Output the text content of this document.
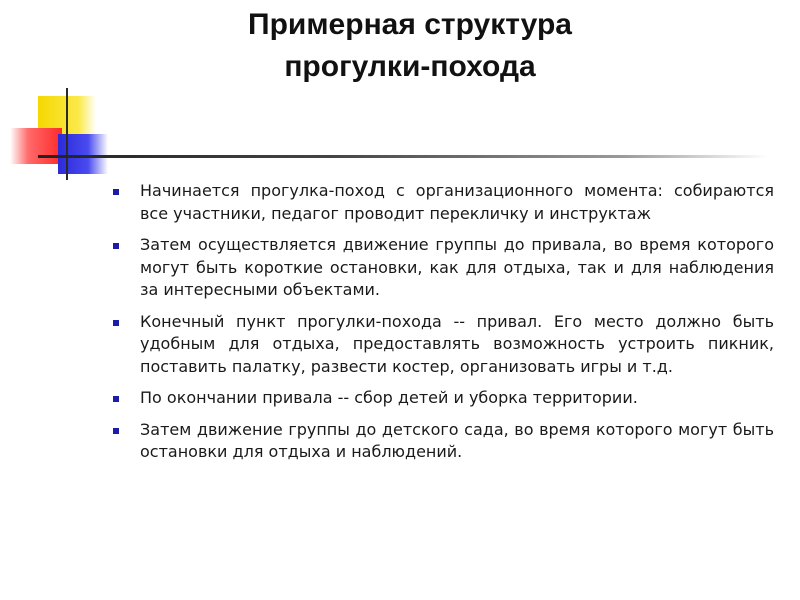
Примерная структура
прогулки-похода
Начинается прогулка-поход с организационного момента: собираются все участники, педагог проводит перекличку и инструктаж
Затем осуществляется движение группы до привала, во время которого могут быть короткие остановки, как для отдыха, так и для наблюдения за интересными объектами.
Конечный пункт прогулки-похода -- привал. Его место должно быть удобным для отдыха, предоставлять возможность устроить пикник, поставить палатку, развести костер, организовать игры и т.д.
По окончании привала -- сбор детей и уборка территории.
Затем движение группы до детского сада, во время которого могут быть остановки для отдыха и наблюдений.
